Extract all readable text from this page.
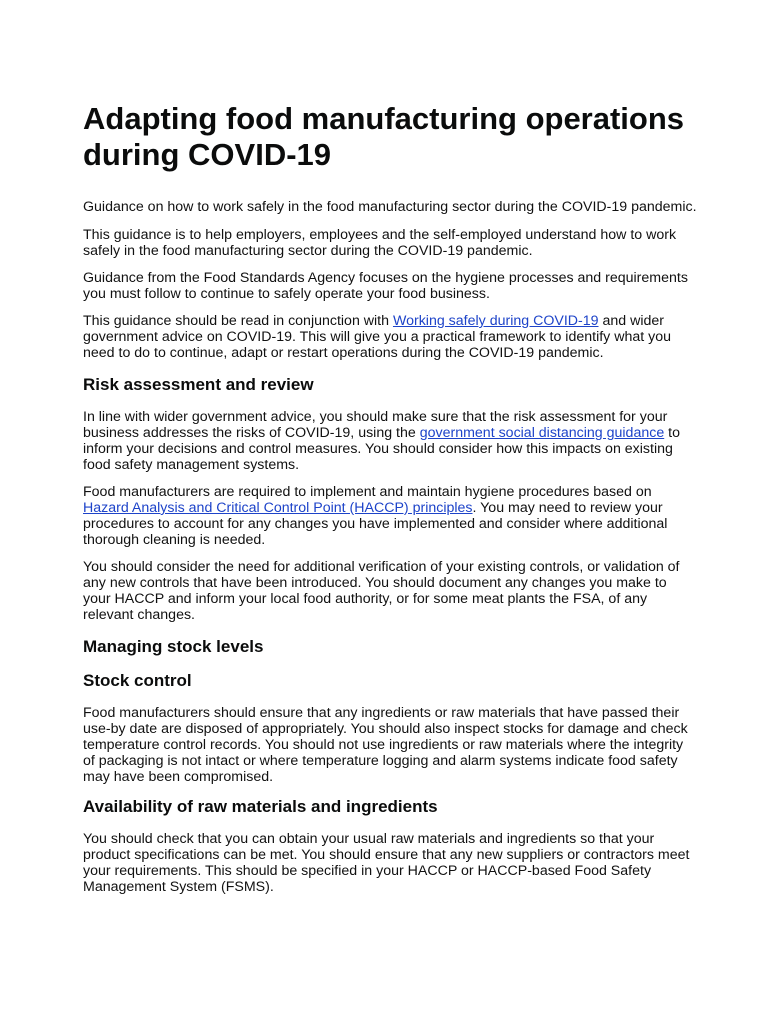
Adapting food manufacturing operations during COVID-19

Guidance on how to work safely in the food manufacturing sector during the COVID-19 pandemic.

This guidance is to help employers, employees and the self-employed understand how to work safely in the food manufacturing sector during the COVID-19 pandemic.

Guidance from the Food Standards Agency focuses on the hygiene processes and requirements you must follow to continue to safely operate your food business.

This guidance should be read in conjunction with Working safely during COVID-19 and wider government advice on COVID-19. This will give you a practical framework to identify what you need to do to continue, adapt or restart operations during the COVID-19 pandemic.

Risk assessment and review

In line with wider government advice, you should make sure that the risk assessment for your business addresses the risks of COVID-19, using the government social distancing guidance to inform your decisions and control measures. You should consider how this impacts on existing food safety management systems.

Food manufacturers are required to implement and maintain hygiene procedures based on Hazard Analysis and Critical Control Point (HACCP) principles. You may need to review your procedures to account for any changes you have implemented and consider where additional thorough cleaning is needed.

You should consider the need for additional verification of your existing controls, or validation of any new controls that have been introduced. You should document any changes you make to your HACCP and inform your local food authority, or for some meat plants the FSA, of any relevant changes.

Managing stock levels
Stock control

Food manufacturers should ensure that any ingredients or raw materials that have passed their use-by date are disposed of appropriately. You should also inspect stocks for damage and check temperature control records. You should not use ingredients or raw materials where the integrity of packaging is not intact or where temperature logging and alarm systems indicate food safety may have been compromised.

Availability of raw materials and ingredients

You should check that you can obtain your usual raw materials and ingredients so that your product specifications can be met. You should ensure that any new suppliers or contractors meet your requirements. This should be specified in your HACCP or HACCP-based Food Safety Management System (FSMS).
